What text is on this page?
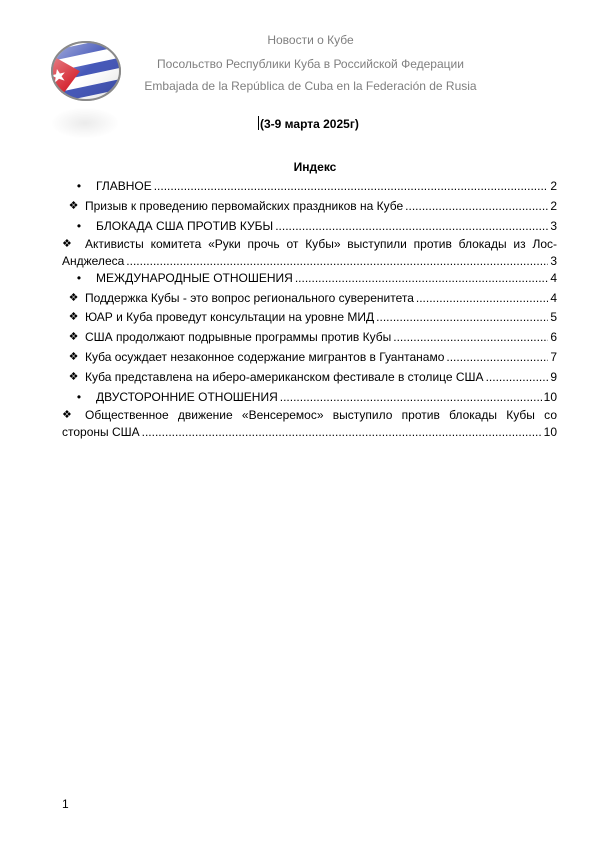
Новости о Кубе
Посольство Республики Куба в Российской Федерации
Embajada de la República de Cuba en la Federación de Rusia
(3-9 марта 2025г)
Индекс
•	ГЛАВНОЕ .....	2
❖ Призыв к проведению первомайских праздников на Кубе .....	2
•	БЛОКАДА США ПРОТИВ КУБЫ .....	3
❖	Активисты комитета «Руки прочь от Кубы» выступили против блокады из Лос-
Анджелеса .....	3
•	МЕЖДУНАРОДНЫЕ ОТНОШЕНИЯ .....	4
❖ Поддержка Кубы - это вопрос регионального суверенитета .....	4
❖ ЮАР и Куба проведут консультации на уровне МИД .....	5
❖ США продолжают подрывные программы против Кубы .....	6
❖ Куба осуждает незаконное содержание мигрантов в Гуантанамо .....	7
❖ Куба представлена на иберо-американском фестивале в столице США .....	9
•	ДВУСТОРОННИЕ ОТНОШЕНИЯ .....	10
❖	Общественное движение «Венсеремос» выступило против блокады Кубы со
стороны США .....	10
1
